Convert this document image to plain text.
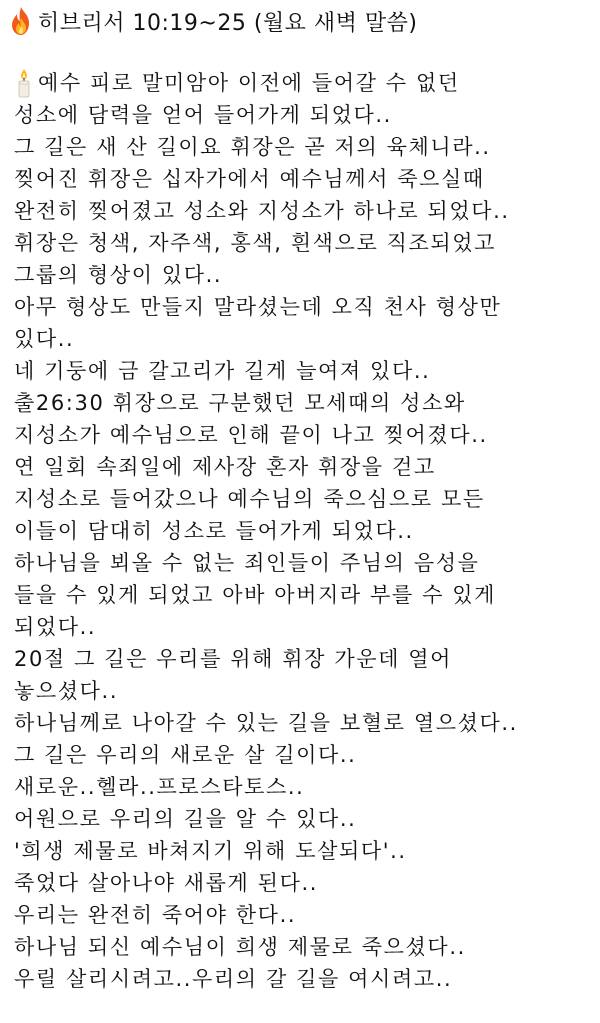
히브리서 10:19~25 (월요 새벽 말씀)
예수 피로 말미암아 이전에 들어갈 수 없던
성소에 담력을 얻어 들어가게 되었다..
그 길은 새 산 길이요 휘장은 곧 저의 육체니라..
찢어진 휘장은 십자가에서 예수님께서 죽으실때
완전히 찢어졌고 성소와 지성소가 하나로 되었다..
휘장은 청색, 자주색, 홍색, 흰색으로 직조되었고
그룹의 형상이 있다..
아무 형상도 만들지 말라셨는데 오직 천사 형상만
있다..
네 기둥에 금 갈고리가 길게 늘여져 있다..
출26:30 휘장으로 구분했던 모세때의 성소와
지성소가 예수님으로 인해 끝이 나고 찢어졌다..
연 일회 속죄일에 제사장 혼자 휘장을 걷고
지성소로 들어갔으나 예수님의 죽으심으로 모든
이들이 담대히 성소로 들어가게 되었다..
하나님을 뵈올 수 없는 죄인들이 주님의 음성을
들을 수 있게 되었고 아바 아버지라 부를 수 있게
되었다..
20절 그 길은 우리를 위해 휘장 가운데 열어
놓으셨다..
하나님께로 나아갈 수 있는 길을 보혈로 열으셨다..
그 길은 우리의 새로운 살 길이다..
새로운..헬라..프로스타토스..
어원으로 우리의 길을 알 수 있다..
'희생 제물로 바쳐지기 위해 도살되다'..
죽었다 살아나야 새롭게 된다..
우리는 완전히 죽어야 한다..
하나님 되신 예수님이 희생 제물로 죽으셨다..
우릴 살리시려고..우리의 갈 길을 여시려고..
